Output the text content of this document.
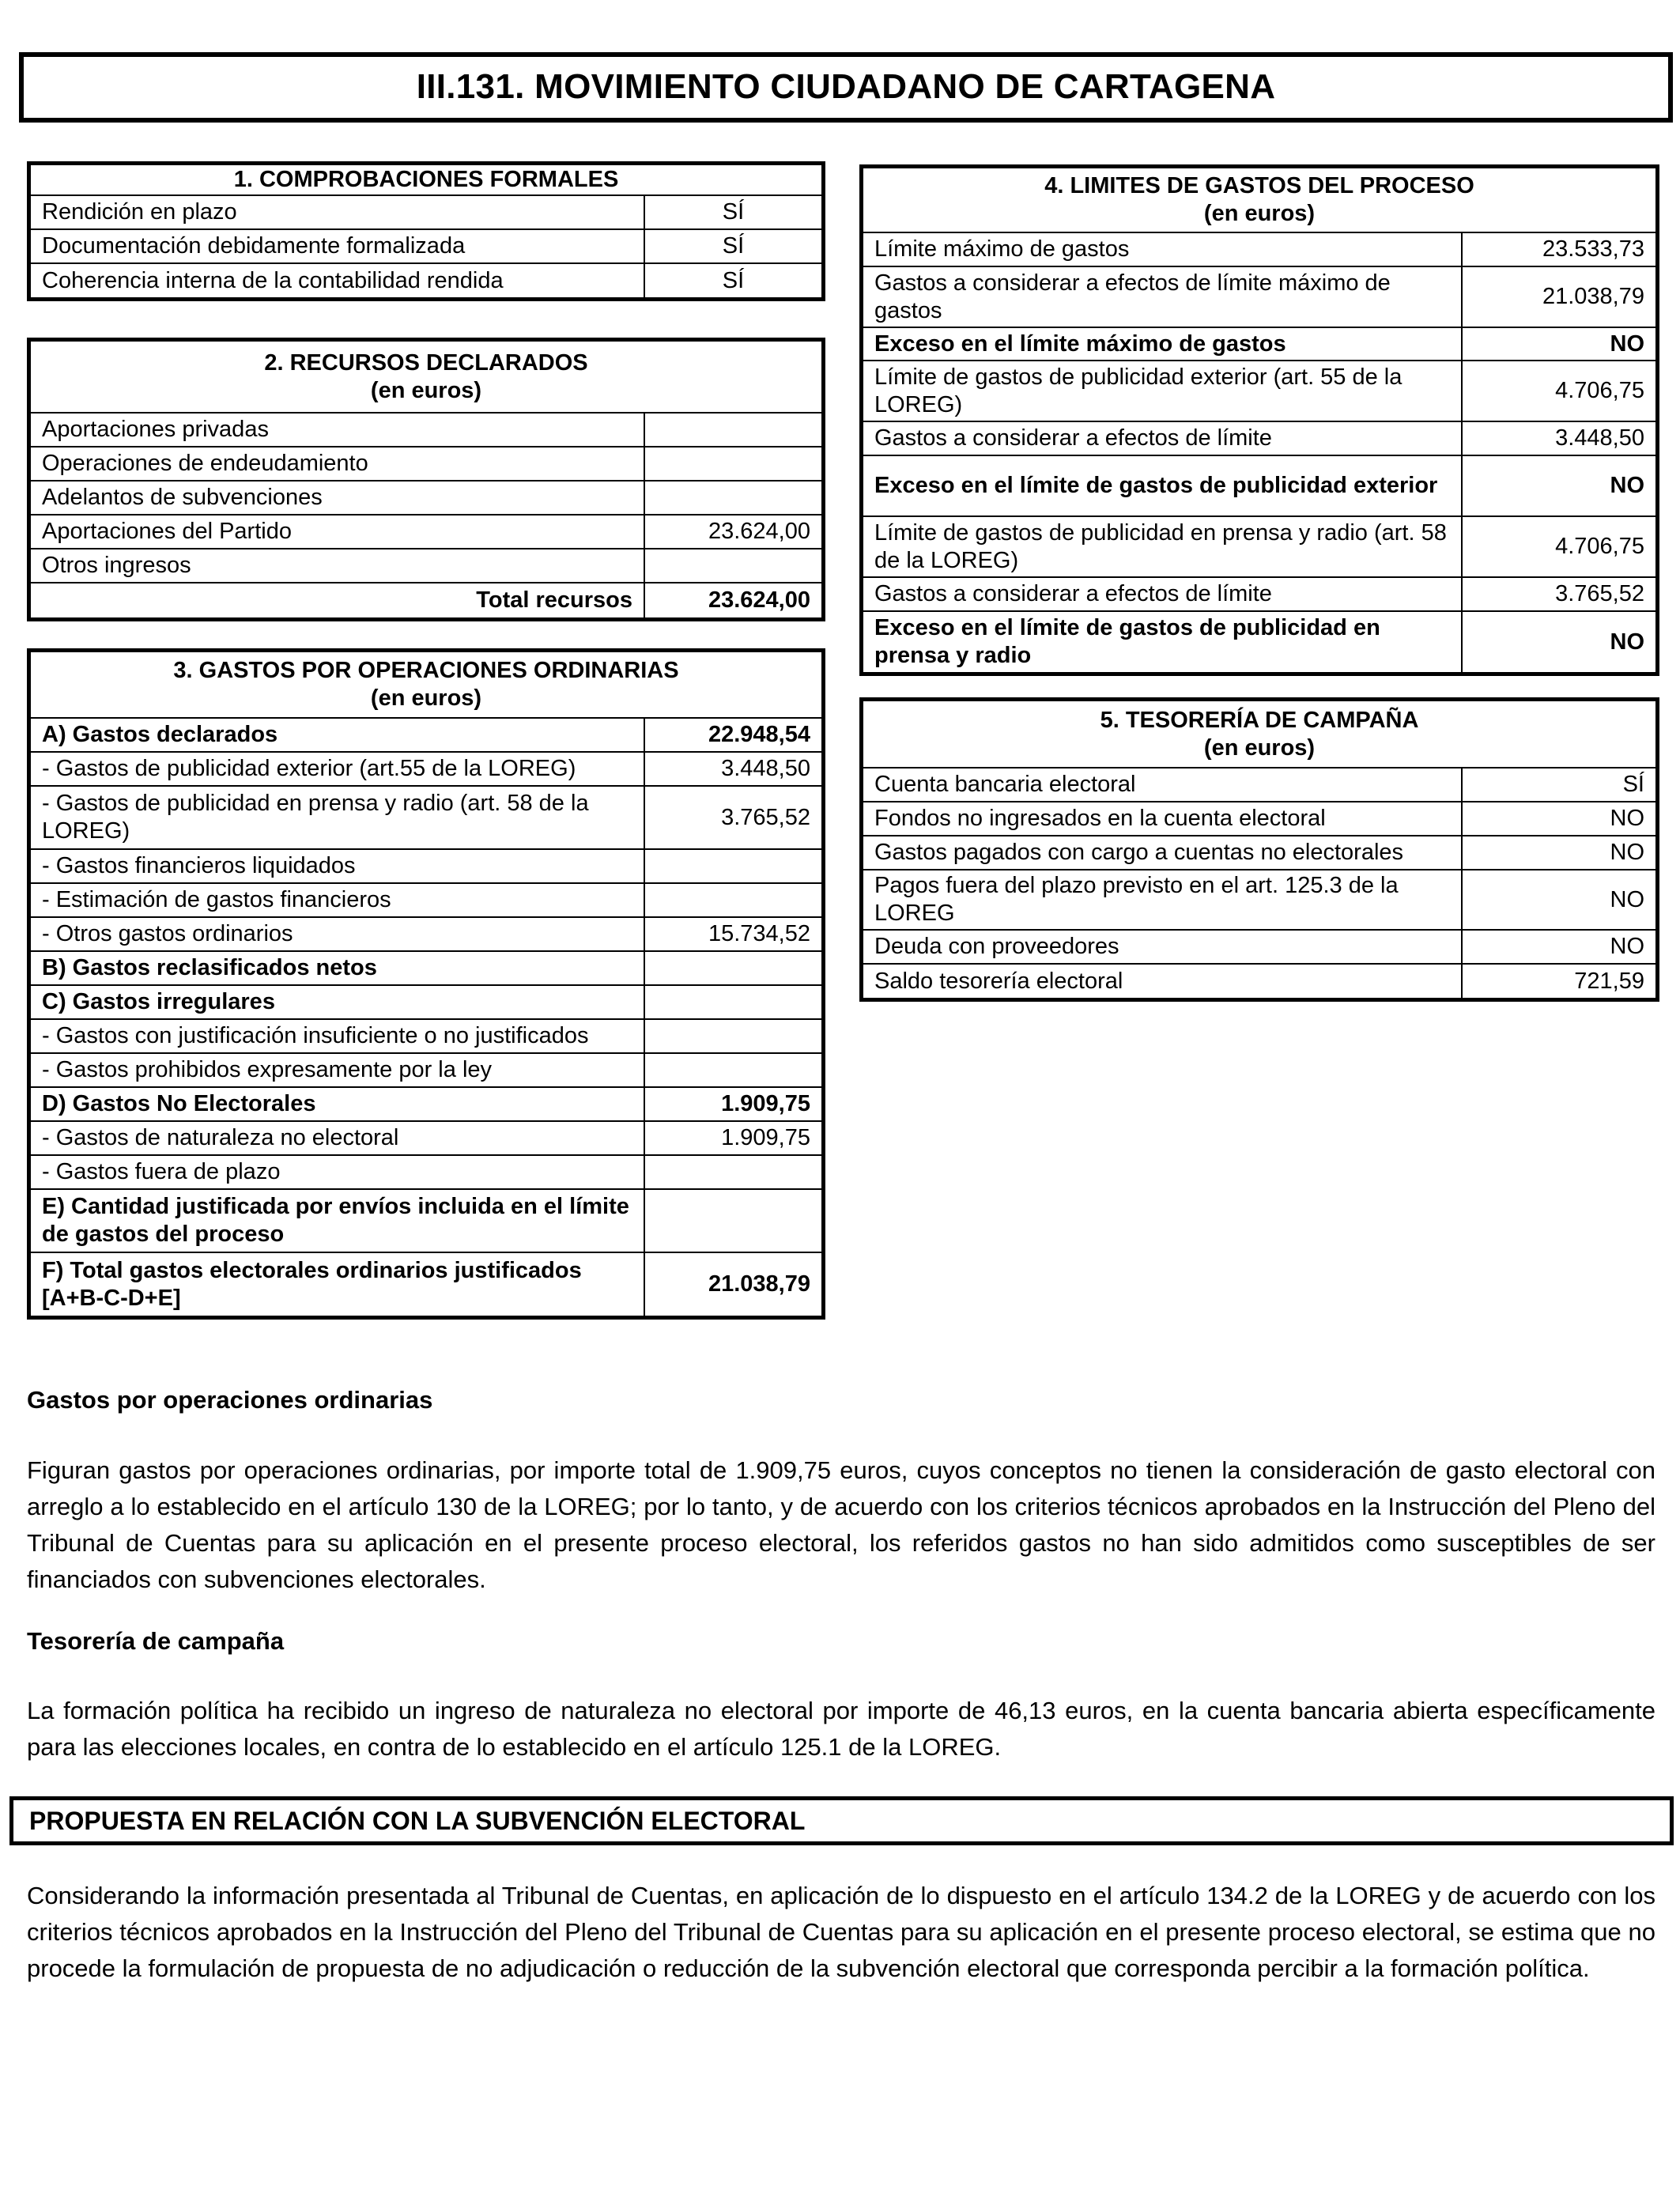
III.131. MOVIMIENTO CIUDADANO DE CARTAGENA
1. COMPROBACIONES FORMALES	
Rendición en plazo	SÍ
Documentación debidamente formalizada	SÍ
Coherencia interna de la contabilidad rendida	SÍ
2. RECURSOS DECLARADOS
(en euros)	
Aportaciones privadas	
Operaciones de endeudamiento	
Adelantos de subvenciones	
Aportaciones del Partido	23.624,00
Otros ingresos	
Total recursos	23.624,00
3. GASTOS POR OPERACIONES ORDINARIAS
(en euros)	
A) Gastos declarados	22.948,54
- Gastos de publicidad exterior (art.55 de la LOREG)	3.448,50
- Gastos de publicidad en prensa y radio (art. 58 de la LOREG)	3.765,52
- Gastos financieros liquidados	
- Estimación de gastos financieros	
- Otros gastos ordinarios	15.734,52
B) Gastos reclasificados netos	
C) Gastos irregulares	
- Gastos con justificación insuficiente o no justificados	
- Gastos prohibidos expresamente por la ley	
D) Gastos No Electorales	1.909,75
- Gastos de naturaleza no electoral	1.909,75
- Gastos fuera de plazo	
E) Cantidad justificada por envíos incluida en el límite de gastos del proceso	
F) Total gastos electorales ordinarios justificados [A+B-C-D+E]	21.038,79
4. LIMITES DE GASTOS DEL PROCESO
(en euros)	
Límite máximo de gastos	23.533,73
Gastos a considerar a efectos de límite máximo de gastos	21.038,79
Exceso en el límite máximo de gastos	NO
Límite de gastos de publicidad exterior (art. 55 de la LOREG)	4.706,75
Gastos a considerar a efectos de límite	3.448,50
Exceso en el límite de gastos de publicidad exterior	NO
Límite de gastos de publicidad en prensa y radio (art. 58 de la LOREG)	4.706,75
Gastos a considerar a efectos de límite	3.765,52
Exceso en el límite de gastos de publicidad en prensa y radio	NO
5. TESORERÍA DE CAMPAÑA
(en euros)	
Cuenta bancaria electoral	SÍ
Fondos no ingresados en la cuenta electoral	NO
Gastos pagados con cargo a cuentas no electorales	NO
Pagos fuera del plazo previsto en el art. 125.3 de la LOREG	NO
Deuda con proveedores	NO
Saldo tesorería electoral	721,59
Gastos por operaciones ordinarias
Figuran gastos por operaciones ordinarias, por importe total de 1.909,75 euros, cuyos conceptos no tienen la consideración de gasto electoral con arreglo a lo establecido en el artículo 130 de la LOREG; por lo tanto, y de acuerdo con los criterios técnicos aprobados en la Instrucción del Pleno del Tribunal de Cuentas para su aplicación en el presente proceso electoral, los referidos gastos no han sido admitidos como susceptibles de ser financiados con subvenciones electorales.
Tesorería de campaña
La formación política ha recibido un ingreso de naturaleza no electoral por importe de 46,13 euros, en la cuenta bancaria abierta específicamente para las elecciones locales, en contra de lo establecido en el artículo 125.1 de la LOREG.
PROPUESTA EN RELACIÓN CON LA SUBVENCIÓN ELECTORAL
Considerando la información presentada al Tribunal de Cuentas, en aplicación de lo dispuesto en el artículo 134.2 de la LOREG y de acuerdo con los criterios técnicos aprobados en la Instrucción del Pleno del Tribunal de Cuentas para su aplicación en el presente proceso electoral, se estima que no procede la formulación de propuesta de no adjudicación o reducción de la subvención electoral que corresponda percibir a la formación política.
